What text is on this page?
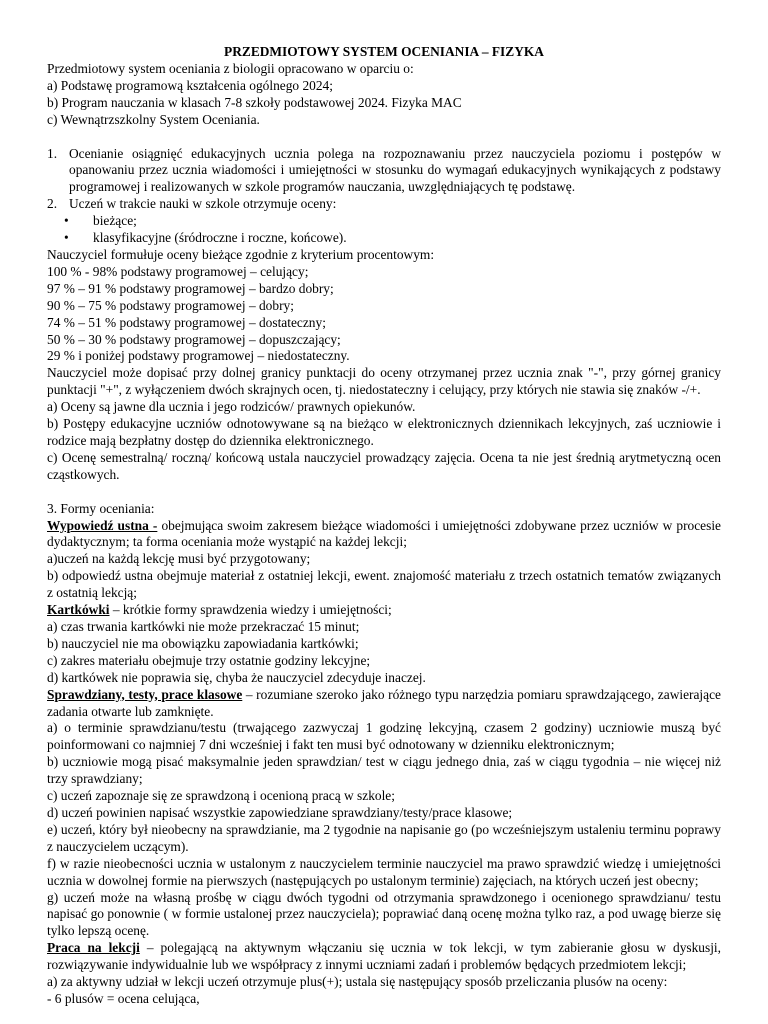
PRZEDMIOTOWY SYSTEM OCENIANIA – FIZYKA

Przedmiotowy system oceniania z biologii opracowano w oparciu o:

a) Podstawę programową kształcenia ogólnego 2024;

b) Program nauczania w klasach 7-8 szkoły podstawowej 2024. Fizyka MAC

c) Wewnątrzszkolny System Oceniania.

1. Ocenianie osiągnięć edukacyjnych ucznia polega na rozpoznawaniu przez nauczyciela poziomu i postępów w opanowaniu przez ucznia wiadomości i umiejętności w stosunku do wymagań edukacyjnych wynikających z podstawy programowej i realizowanych w szkole programów nauczania, uwzględniających tę podstawę.
2. Uczeń w trakcie nauki w szkole otrzymuje oceny:
•	bieżące;
•	klasyfikacyjne (śródroczne i roczne, końcowe).

Nauczyciel formułuje oceny bieżące zgodnie z kryterium procentowym:

100 % - 98% podstawy programowej – celujący;

97 % – 91 % podstawy programowej – bardzo dobry;

90 % – 75 % podstawy programowej – dobry;

74 % – 51 % podstawy programowej – dostateczny;

50 % – 30 % podstawy programowej – dopuszczający;

29 % i poniżej podstawy programowej – niedostateczny.

Nauczyciel może dopisać przy dolnej granicy punktacji do oceny otrzymanej przez ucznia znak "-", przy górnej granicy punktacji "+", z wyłączeniem dwóch skrajnych ocen, tj. niedostateczny i celujący, przy których nie stawia się znaków -/+.

a) Oceny są jawne dla ucznia i jego rodziców/ prawnych opiekunów.

b) Postępy edukacyjne uczniów odnotowywane są na bieżąco w elektronicznych dziennikach lekcyjnych, zaś uczniowie i rodzice mają bezpłatny dostęp do dziennika elektronicznego.

c) Ocenę semestralną/ roczną/ końcową ustala nauczyciel prowadzący zajęcia. Ocena ta nie jest średnią arytmetyczną ocen cząstkowych.

3. Formy oceniania:

Wypowiedź ustna - obejmująca swoim zakresem bieżące wiadomości i umiejętności zdobywane przez uczniów w procesie dydaktycznym; ta forma oceniania może wystąpić na każdej lekcji;

a)uczeń na każdą lekcję musi być przygotowany;

b) odpowiedź ustna obejmuje materiał z ostatniej lekcji, ewent. znajomość materiału z trzech ostatnich tematów związanych z ostatnią lekcją;

Kartkówki – krótkie formy sprawdzenia wiedzy i umiejętności;

a) czas trwania kartkówki nie może przekraczać 15 minut;

b) nauczyciel nie ma obowiązku zapowiadania kartkówki;

c) zakres materiału obejmuje trzy ostatnie godziny lekcyjne;

d) kartkówek nie poprawia się, chyba że nauczyciel zdecyduje inaczej.

Sprawdziany, testy, prace klasowe – rozumiane szeroko jako różnego typu narzędzia pomiaru sprawdzającego, zawierające zadania otwarte lub zamknięte.

a) o terminie sprawdzianu/testu (trwającego zazwyczaj 1 godzinę lekcyjną, czasem 2 godziny) uczniowie muszą być poinformowani co najmniej 7 dni wcześniej i fakt ten musi być odnotowany w dzienniku elektronicznym;

b) uczniowie mogą pisać maksymalnie jeden sprawdzian/ test w ciągu jednego dnia, zaś w ciągu tygodnia – nie więcej niż trzy sprawdziany;

c) uczeń zapoznaje się ze sprawdzoną i ocenioną pracą w szkole;

d) uczeń powinien napisać wszystkie zapowiedziane sprawdziany/testy/prace klasowe;

e) uczeń, który był nieobecny na sprawdzianie, ma 2 tygodnie na napisanie go (po wcześniejszym ustaleniu terminu poprawy z nauczycielem uczącym).

f) w razie nieobecności ucznia w ustalonym z nauczycielem terminie nauczyciel ma prawo sprawdzić wiedzę i umiejętności ucznia w dowolnej formie na pierwszych (następujących po ustalonym terminie) zajęciach, na których uczeń jest obecny;

g) uczeń może na własną prośbę w ciągu dwóch tygodni od otrzymania sprawdzonego i ocenionego sprawdzianu/ testu napisać go ponownie ( w formie ustalonej przez nauczyciela); poprawiać daną ocenę można tylko raz, a pod uwagę bierze się tylko lepszą ocenę.

Praca na lekcji – polegającą na aktywnym włączaniu się ucznia w tok lekcji, w tym zabieranie głosu w dyskusji, rozwiązywanie indywidualnie lub we współpracy z innymi uczniami zadań i problemów będących przedmiotem lekcji;

a) za aktywny udział w lekcji uczeń otrzymuje plus(+); ustala się następujący sposób przeliczania plusów na oceny:

- 6 plusów = ocena celująca,
